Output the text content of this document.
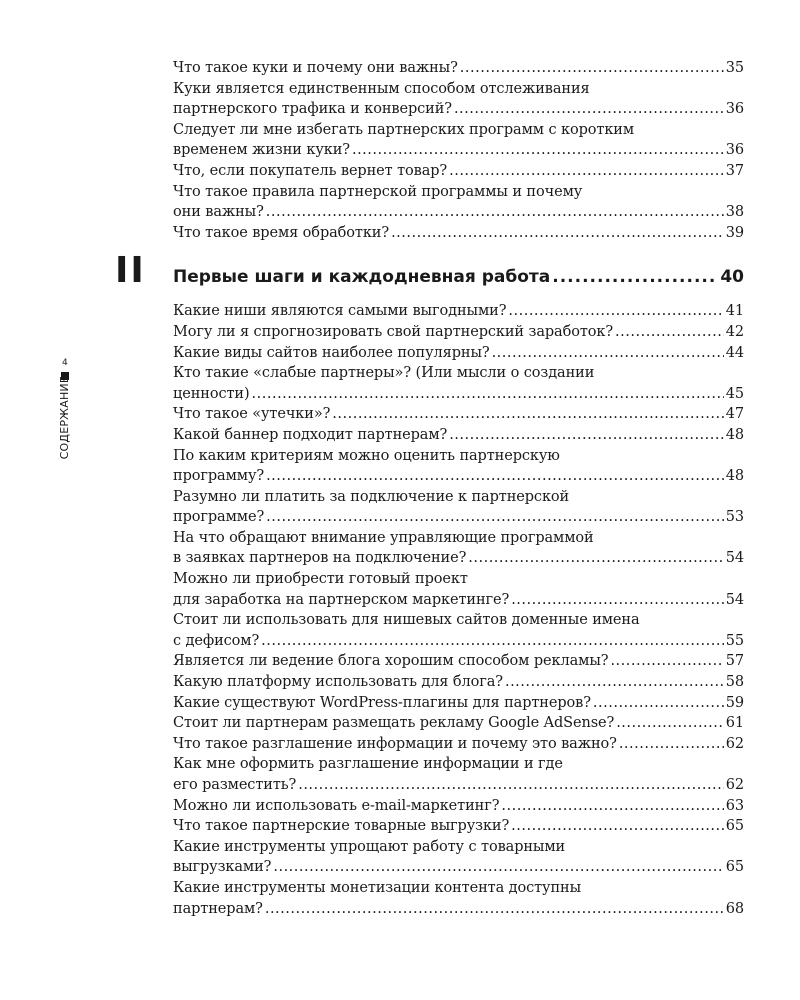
4
СОДЕРЖАНИЕ
Что такое куки и почему они важны? .....	35
Куки является единственным способом отслеживания
партнерского трафика и конверсий? .....	36
Следует ли мне избегать партнерских программ с коротким
временем жизни куки? .....	36
Что, если покупатель вернет товар? .....	37
Что такое правила партнерской программы и почему
они важны? .....	38
Что такое время обработки? .....	39
II Первые шаги и каждодневная работа .....	40
Какие ниши являются самыми выгодными? .....	41
Могу ли я спрогнозировать свой партнерский заработок? .....	42
Какие виды сайтов наиболее популярны? .....	44
Кто такие «слабые партнеры»? (Или мысли о создании
ценности) .....	45
Что такое «утечки»? .....	47
Какой баннер подходит партнерам? .....	48
По каким критериям можно оценить партнерскую
программу? .....	48
Разумно ли платить за подключение к партнерской
программе? .....	53
На что обращают внимание управляющие программой
в заявках партнеров на подключение? .....	54
Можно ли приобрести готовый проект
для заработка на партнерском маркетинге? .....	54
Стоит ли использовать для нишевых сайтов доменные имена
с дефисом? .....	55
Является ли ведение блога хорошим способом рекламы? .....	57
Какую платформу использовать для блога? .....	58
Какие существуют WordPress-плагины для партнеров? .....	59
Стоит ли партнерам размещать рекламу Google AdSense? .....	61
Что такое разглашение информации и почему это важно? .....	62
Как мне оформить разглашение информации и где
его разместить? .....	62
Можно ли использовать e-mail-маркетинг? .....	63
Что такое партнерские товарные выгрузки? .....	65
Какие инструменты упрощают работу с товарными
выгрузками? .....	65
Какие инструменты монетизации контента доступны
партнерам? .....	68
